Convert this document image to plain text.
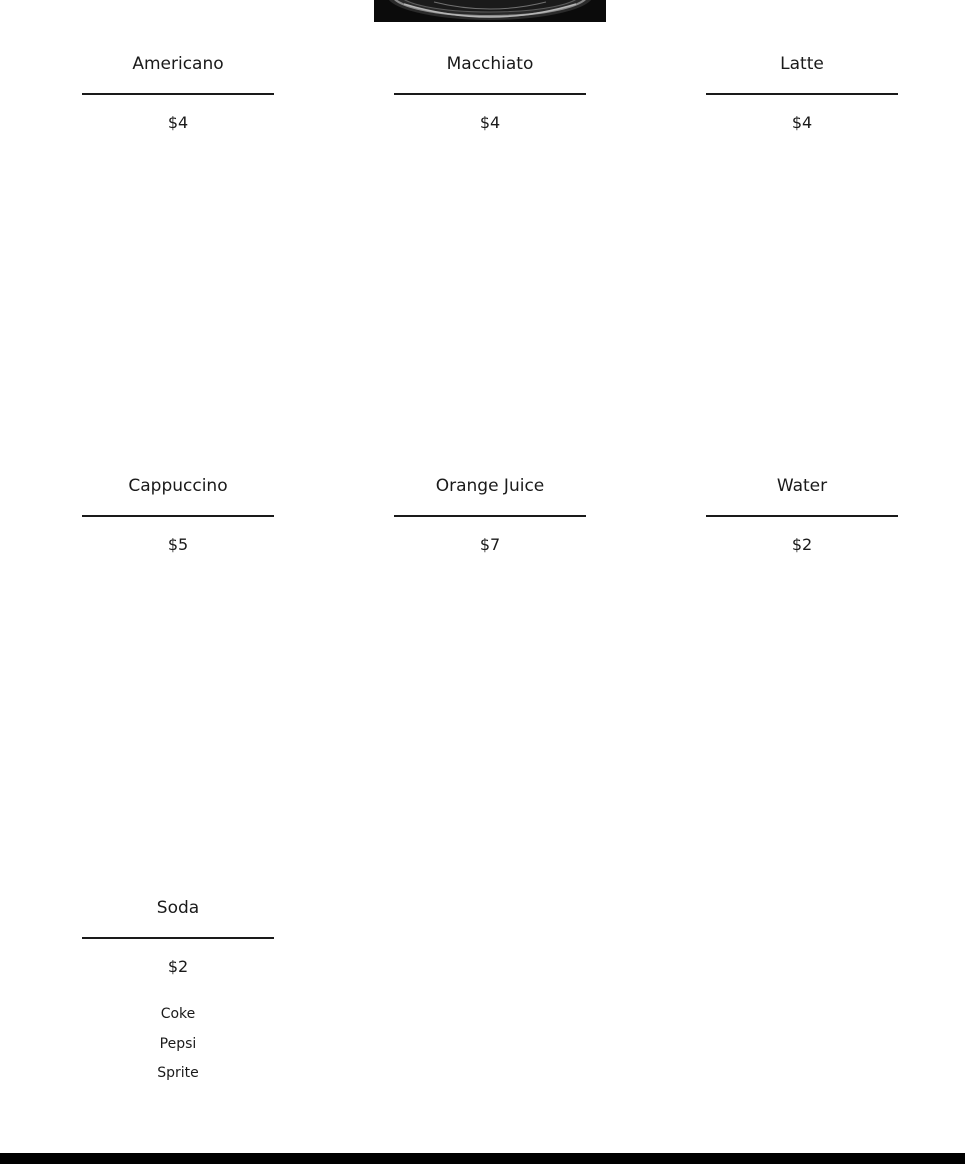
Americano
$4
Macchiato
$4
Latte
$4
Cappuccino
$5
Orange Juice
$7
Water
$2
Soda
$2
Coke
Pepsi
Sprite
